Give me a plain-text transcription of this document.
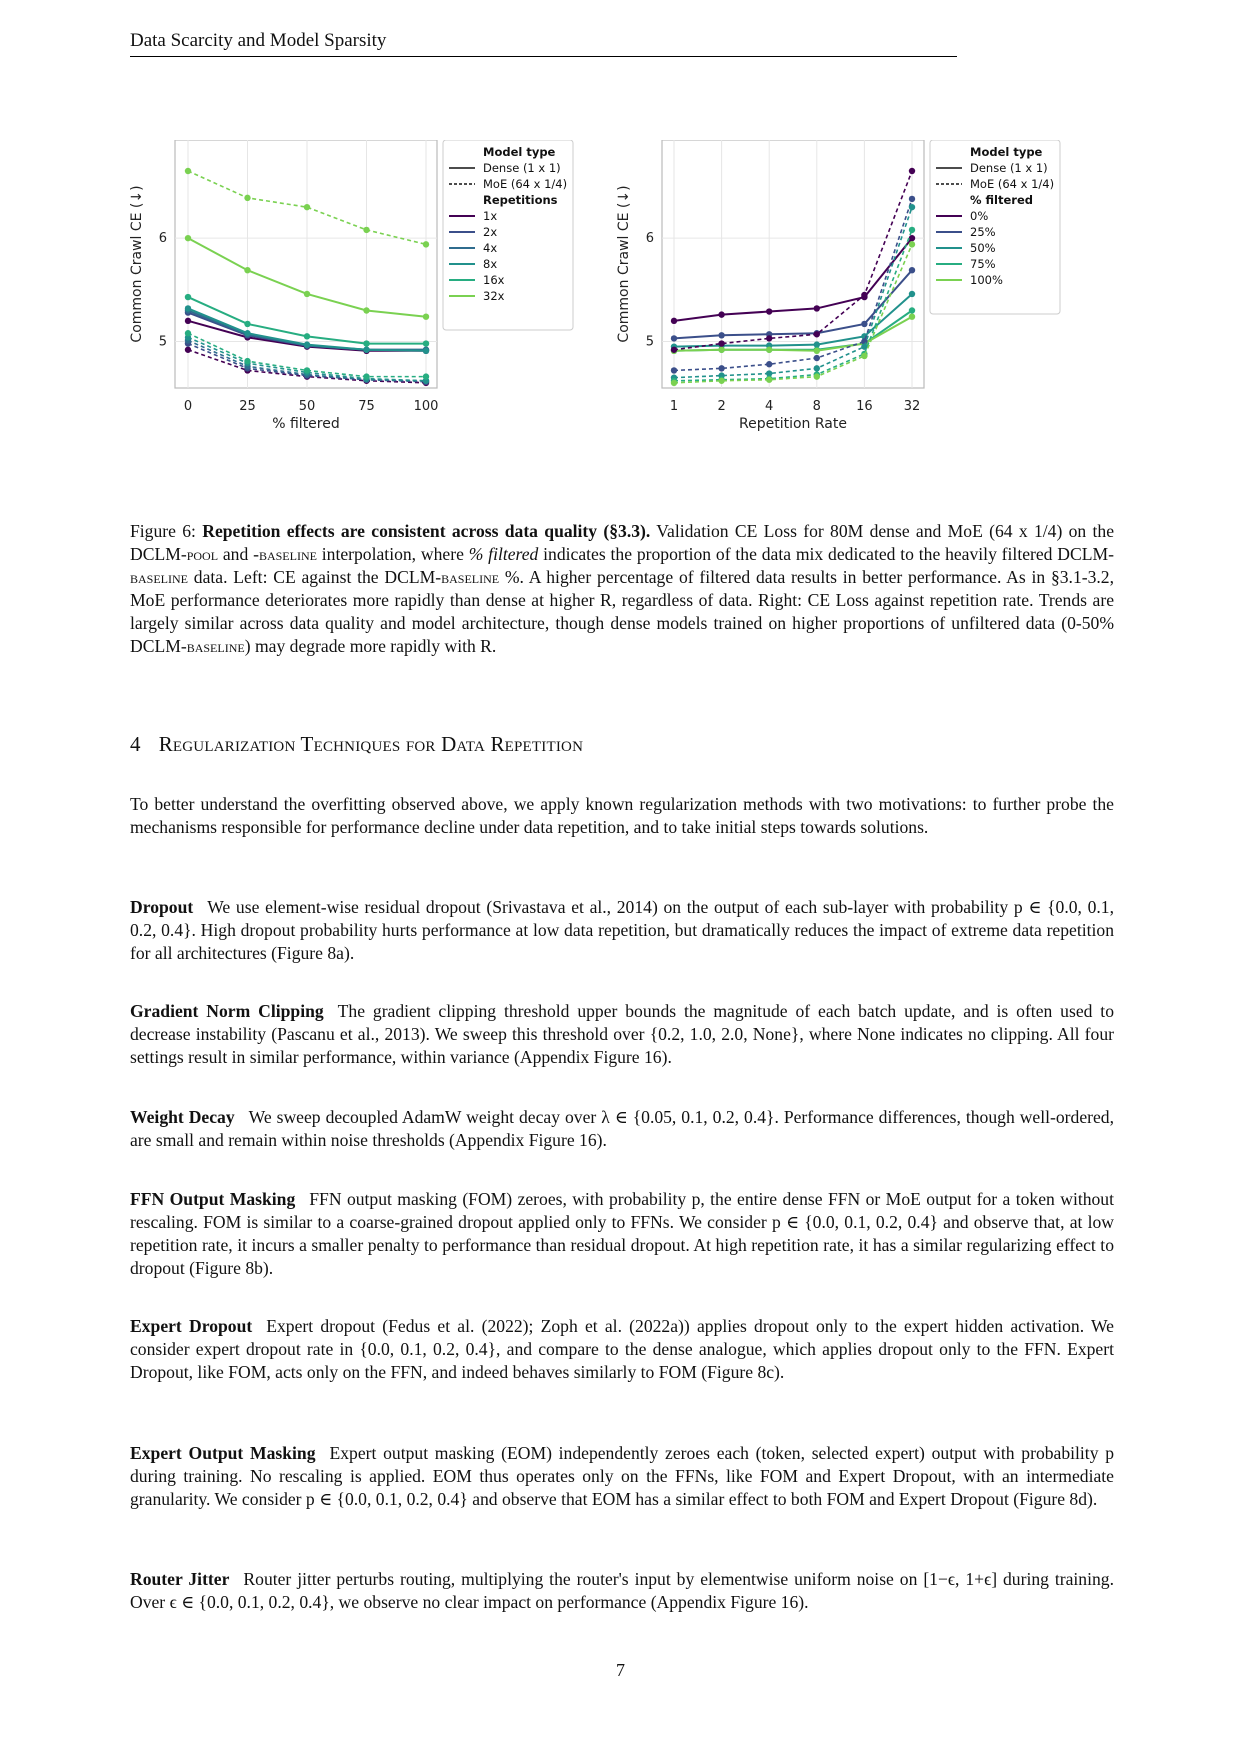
Data Scarcity and Model Sparsity
5
6
0	25	50	75	100
% filtered
Common Crawl CE (↓)
Model type
Dense (1 x 1)
MoE (64 x 1/4)
Repetitions
1x
2x
4x
8x
16x
32x
5
6
1	2	4	8	16 32
Repetition Rate
Common Crawl CE (↓)
Model type
Dense (1 x 1)
MoE (64 x 1/4)
% filtered
0%
25%
50%
75%
100%
Figure 6: Repetition effects are consistent across data quality (§3.3). Validation CE Loss for 80M dense and MoE (64 x 1/4) on the DCLM-pool and -baseline interpolation, where % filtered indicates the proportion of the data mix dedicated to the heavily filtered DCLM-baseline data. Left: CE against the DCLM-baseline %. A higher percentage of filtered data results in better performance. As in §3.1-3.2, MoE performance deteriorates more rapidly than dense at higher R, regardless of data. Right: CE Loss against repetition rate. Trends are largely similar across data quality and model architecture, though dense models trained on higher proportions of unfiltered data (0-50% DCLM-baseline) may degrade more rapidly with R.
4 Regularization Techniques for Data Repetition
To better understand the overfitting observed above, we apply known regularization methods with two motivations: to further probe the mechanisms responsible for performance decline under data repetition, and to take initial steps towards solutions.
Dropout We use element-wise residual dropout (Srivastava et al., 2014) on the output of each sub-layer with probability p ∈ {0.0, 0.1, 0.2, 0.4}. High dropout probability hurts performance at low data repetition, but dramatically reduces the impact of extreme data repetition for all architectures (Figure 8a).
Gradient Norm Clipping The gradient clipping threshold upper bounds the magnitude of each batch update, and is often used to decrease instability (Pascanu et al., 2013). We sweep this threshold over {0.2, 1.0, 2.0, None}, where None indicates no clipping. All four settings result in similar performance, within variance (Appendix Figure 16).
Weight Decay We sweep decoupled AdamW weight decay over λ ∈ {0.05, 0.1, 0.2, 0.4}. Performance differences, though well-ordered, are small and remain within noise thresholds (Appendix Figure 16).
FFN Output Masking FFN output masking (FOM) zeroes, with probability p, the entire dense FFN or MoE output for a token without rescaling. FOM is similar to a coarse-grained dropout applied only to FFNs. We consider p ∈ {0.0, 0.1, 0.2, 0.4} and observe that, at low repetition rate, it incurs a smaller penalty to performance than residual dropout. At high repetition rate, it has a similar regularizing effect to dropout (Figure 8b).
Expert Dropout Expert dropout (Fedus et al. (2022); Zoph et al. (2022a)) applies dropout only to the expert hidden activation. We consider expert dropout rate in {0.0, 0.1, 0.2, 0.4}, and compare to the dense analogue, which applies dropout only to the FFN. Expert Dropout, like FOM, acts only on the FFN, and indeed behaves similarly to FOM (Figure 8c).
Expert Output Masking Expert output masking (EOM) independently zeroes each (token, selected expert) output with probability p during training. No rescaling is applied. EOM thus operates only on the FFNs, like FOM and Expert Dropout, with an intermediate granularity. We consider p ∈ {0.0, 0.1, 0.2, 0.4} and observe that EOM has a similar effect to both FOM and Expert Dropout (Figure 8d).
Router Jitter Router jitter perturbs routing, multiplying the router's input by elementwise uniform noise on [1−ϵ, 1+ϵ] during training. Over ϵ ∈ {0.0, 0.1, 0.2, 0.4}, we observe no clear impact on performance (Appendix Figure 16).
7
